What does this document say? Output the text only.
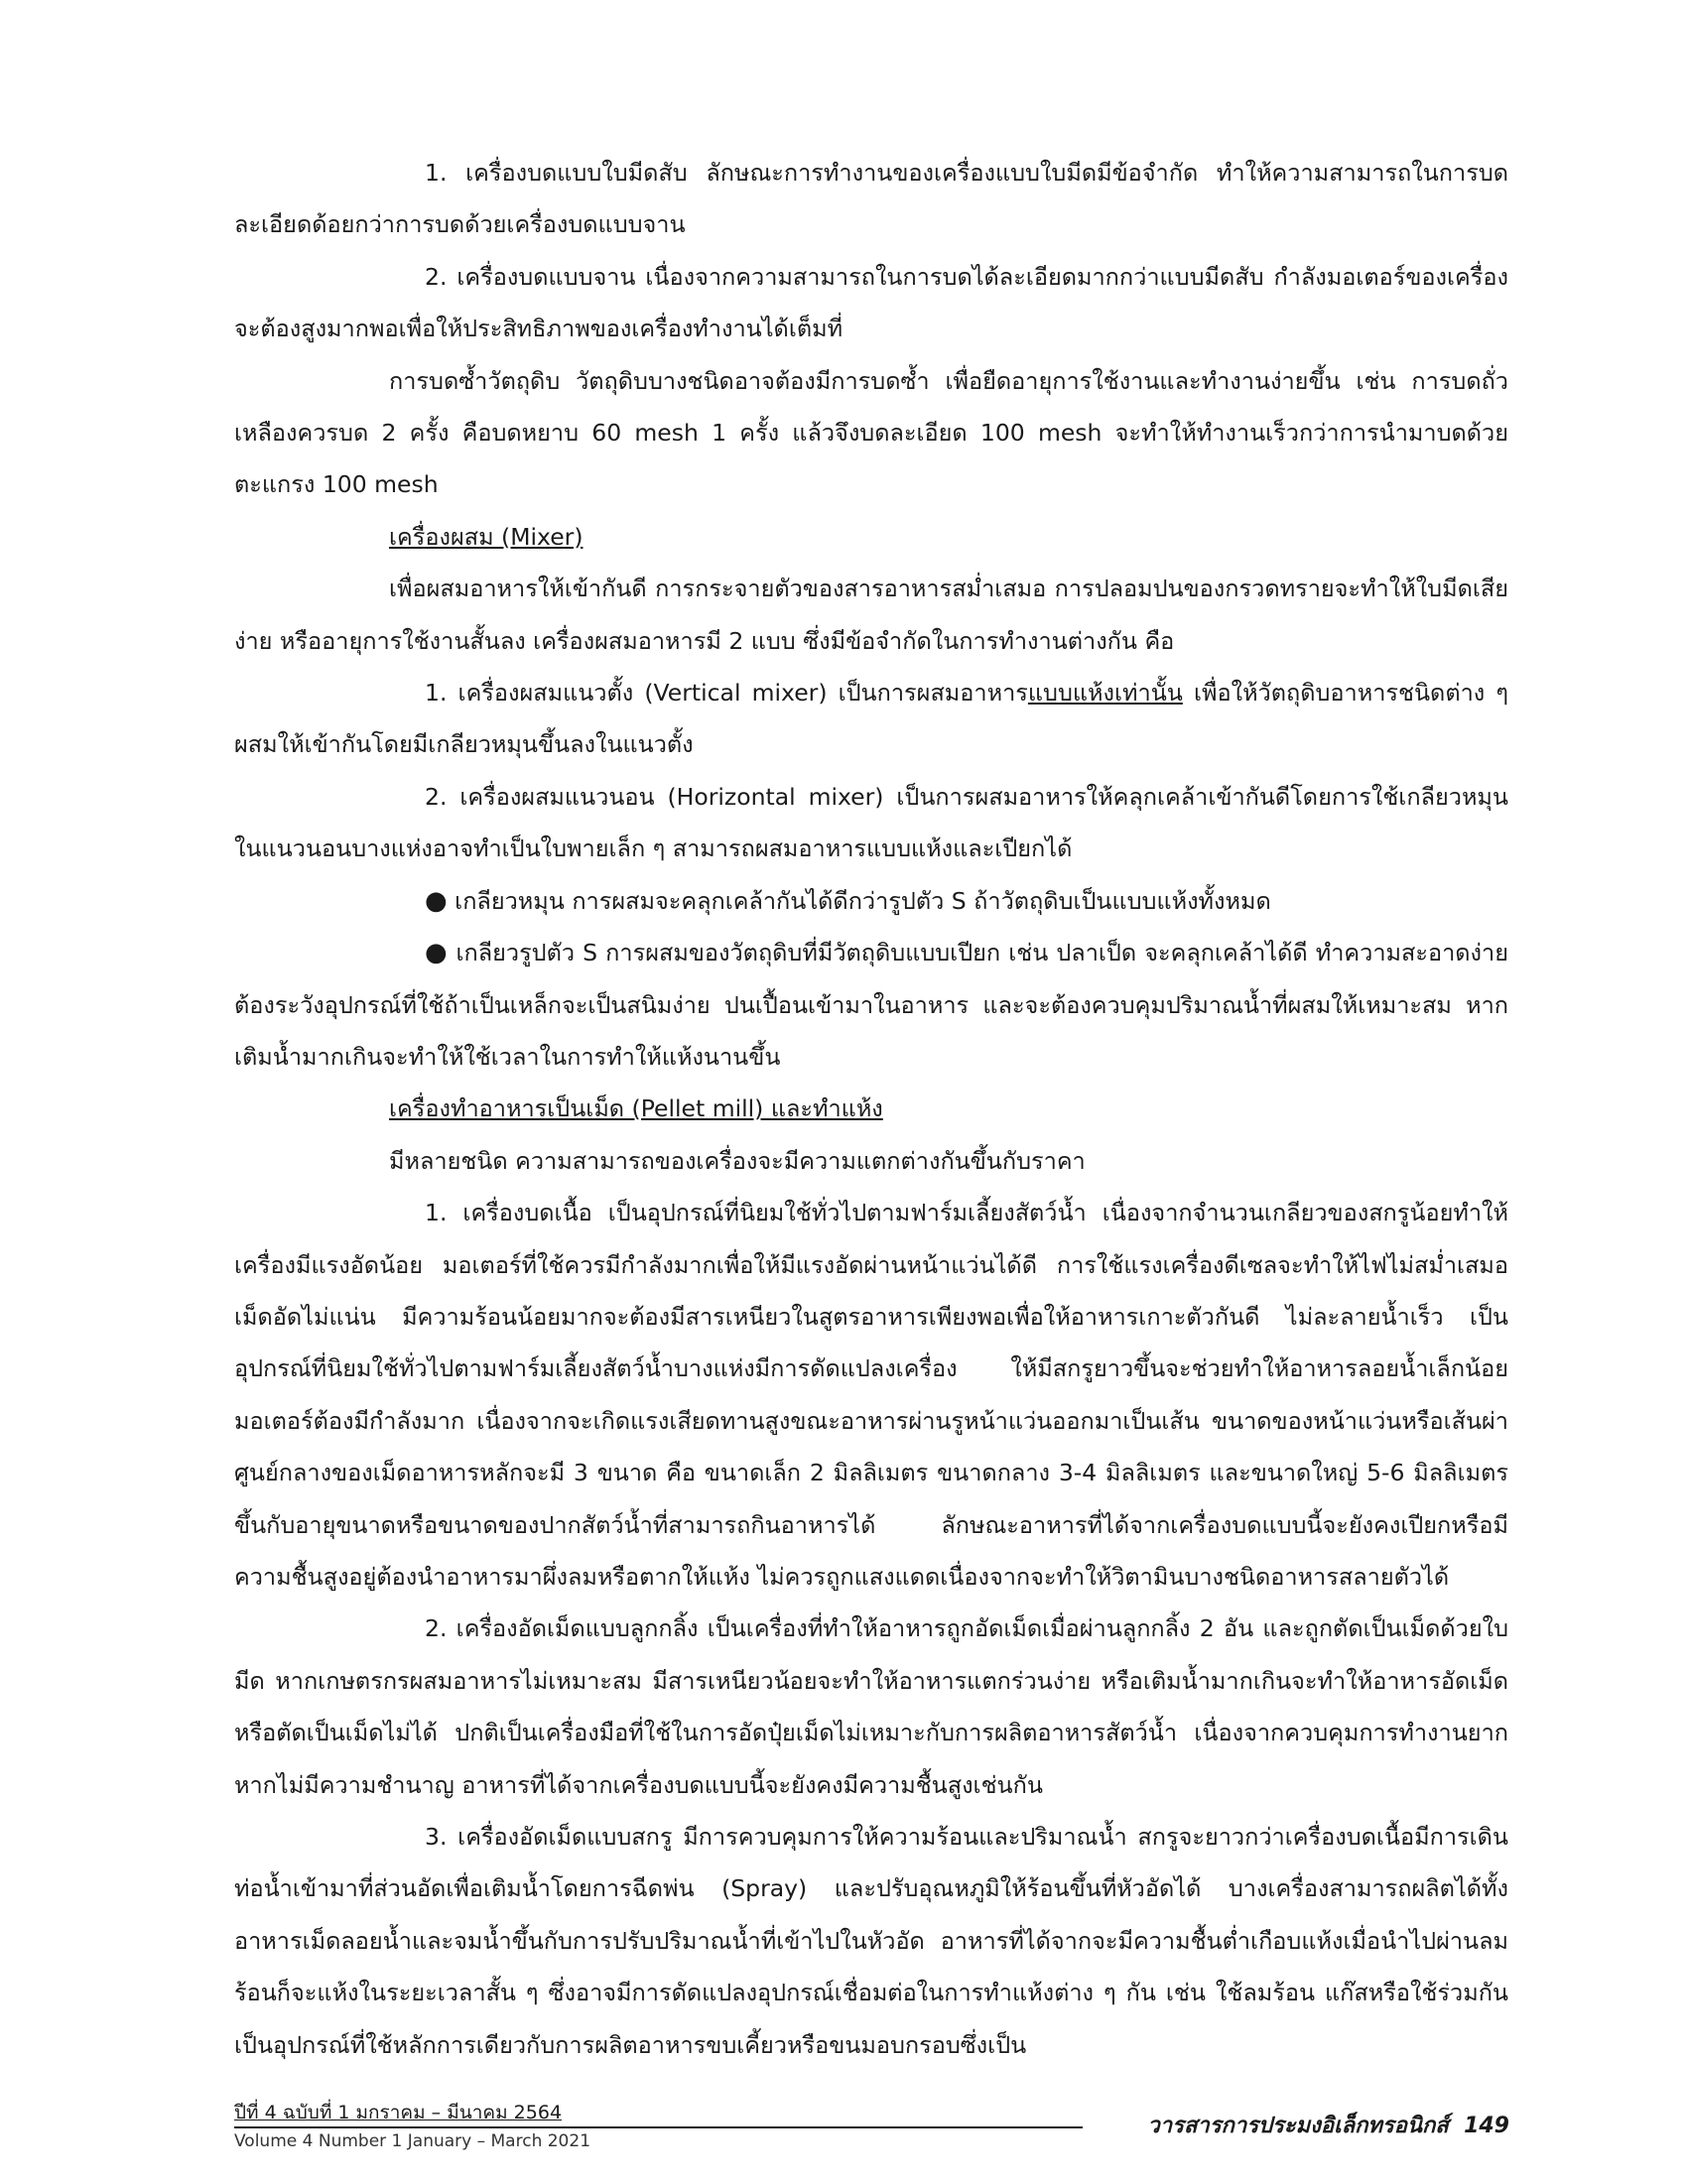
1. เครื่องบดแบบใบมีดสับ ลักษณะการทำงานของเครื่องแบบใบมีดมีข้อจำกัด ทำให้ความสามารถในการบด ละเอียดด้อยกว่าการบดด้วยเครื่องบดแบบจาน

2. เครื่องบดแบบจาน เนื่องจากความสามารถในการบดได้ละเอียดมากกว่าแบบมีดสับ กำลังมอเตอร์ของเครื่องจะต้องสูงมากพอเพื่อให้ประสิทธิภาพของเครื่องทำงานได้เต็มที่

การบดซ้ำวัตถุดิบ วัตถุดิบบางชนิดอาจต้องมีการบดซ้ำ เพื่อยืดอายุการใช้งานและทำงานง่ายขึ้น เช่น การบดถั่วเหลืองควรบด 2 ครั้ง คือบดหยาบ 60 mesh 1 ครั้ง แล้วจึงบดละเอียด 100 mesh จะทำให้ทำงานเร็วกว่าการนำมาบดด้วยตะแกรง 100 mesh

เครื่องผสม (Mixer)

เพื่อผสมอาหารให้เข้ากันดี การกระจายตัวของสารอาหารสม่ำเสมอ การปลอมปนของกรวดทรายจะทำให้ใบมีดเสียง่าย หรืออายุการใช้งานสั้นลง เครื่องผสมอาหารมี 2 แบบ ซึ่งมีข้อจำกัดในการทำงานต่างกัน คือ

1. เครื่องผสมแนวตั้ง (Vertical mixer) เป็นการผสมอาหารแบบแห้งเท่านั้น เพื่อให้วัตถุดิบอาหารชนิดต่าง ๆ ผสมให้เข้ากันโดยมีเกลียวหมุนขึ้นลงในแนวตั้ง

2. เครื่องผสมแนวนอน (Horizontal mixer) เป็นการผสมอาหารให้คลุกเคล้าเข้ากันดีโดยการใช้เกลียวหมุนในแนวนอนบางแห่งอาจทำเป็นใบพายเล็ก ๆ สามารถผสมอาหารแบบแห้งและเปียกได้

● เกลียวหมุน การผสมจะคลุกเคล้ากันได้ดีกว่ารูปตัว S ถ้าวัตถุดิบเป็นแบบแห้งทั้งหมด

● เกลียวรูปตัว S การผสมของวัตถุดิบที่มีวัตถุดิบแบบเปียก เช่น ปลาเป็ด จะคลุกเคล้าได้ดี ทำความสะอาดง่าย ต้องระวังอุปกรณ์ที่ใช้ถ้าเป็นเหล็กจะเป็นสนิมง่าย ปนเปื้อนเข้ามาในอาหาร และจะต้องควบคุมปริมาณน้ำที่ผสมให้เหมาะสม หากเติมน้ำมากเกินจะทำให้ใช้เวลาในการทำให้แห้งนานขึ้น

เครื่องทำอาหารเป็นเม็ด (Pellet mill) และทำแห้ง

มีหลายชนิด ความสามารถของเครื่องจะมีความแตกต่างกันขึ้นกับราคา

1. เครื่องบดเนื้อ เป็นอุปกรณ์ที่นิยมใช้ทั่วไปตามฟาร์มเลี้ยงสัตว์น้ำ เนื่องจากจำนวนเกลียวของสกรูน้อยทำให้เครื่องมีแรงอัดน้อย มอเตอร์ที่ใช้ควรมีกำลังมากเพื่อให้มีแรงอัดผ่านหน้าแว่นได้ดี การใช้แรงเครื่องดีเซลจะทำให้ไฟไม่สม่ำเสมอเม็ดอัดไม่แน่น มีความร้อนน้อยมากจะต้องมีสารเหนียวในสูตรอาหารเพียงพอเพื่อให้อาหารเกาะตัวกันดี ไม่ละลายน้ำเร็ว เป็นอุปกรณ์ที่นิยมใช้ทั่วไปตามฟาร์มเลี้ยงสัตว์น้ำบางแห่งมีการดัดแปลงเครื่อง ให้มีสกรูยาวขึ้นจะช่วยทำให้อาหารลอยน้ำเล็กน้อยมอเตอร์ต้องมีกำลังมาก เนื่องจากจะเกิดแรงเสียดทานสูงขณะอาหารผ่านรูหน้าแว่นออกมาเป็นเส้น ขนาดของหน้าแว่นหรือเส้นผ่าศูนย์กลางของเม็ดอาหารหลักจะมี 3 ขนาด คือ ขนาดเล็ก 2 มิลลิเมตร ขนาดกลาง 3-4 มิลลิเมตร และขนาดใหญ่ 5-6 มิลลิเมตร ขึ้นกับอายุขนาดหรือขนาดของปากสัตว์น้ำที่สามารถกินอาหารได้ ลักษณะอาหารที่ได้จากเครื่องบดแบบนี้จะยังคงเปียกหรือมีความชื้นสูงอยู่ต้องนำอาหารมาผึ่งลมหรือตากให้แห้ง ไม่ควรถูกแสงแดดเนื่องจากจะทำให้วิตามินบางชนิดอาหารสลายตัวได้

2. เครื่องอัดเม็ดแบบลูกกลิ้ง เป็นเครื่องที่ทำให้อาหารถูกอัดเม็ดเมื่อผ่านลูกกลิ้ง 2 อัน และถูกตัดเป็นเม็ดด้วยใบมีด หากเกษตรกรผสมอาหารไม่เหมาะสม มีสารเหนียวน้อยจะทำให้อาหารแตกร่วนง่าย หรือเติมน้ำมากเกินจะทำให้อาหารอัดเม็ดหรือตัดเป็นเม็ดไม่ได้ ปกติเป็นเครื่องมือที่ใช้ในการอัดปุ๋ยเม็ดไม่เหมาะกับการผลิตอาหารสัตว์น้ำ เนื่องจากควบคุมการทำงานยากหากไม่มีความชำนาญ อาหารที่ได้จากเครื่องบดแบบนี้จะยังคงมีความชื้นสูงเช่นกัน

3. เครื่องอัดเม็ดแบบสกรู มีการควบคุมการให้ความร้อนและปริมาณน้ำ สกรูจะยาวกว่าเครื่องบดเนื้อมีการเดินท่อน้ำเข้ามาที่ส่วนอัดเพื่อเติมน้ำโดยการฉีดพ่น (Spray) และปรับอุณหภูมิให้ร้อนขึ้นที่หัวอัดได้ บางเครื่องสามารถผลิตได้ทั้งอาหารเม็ดลอยน้ำและจมน้ำขึ้นกับการปรับปริมาณน้ำที่เข้าไปในหัวอัด อาหารที่ได้จากจะมีความชื้นต่ำเกือบแห้งเมื่อนำไปผ่านลมร้อนก็จะแห้งในระยะเวลาสั้น ๆ ซึ่งอาจมีการดัดแปลงอุปกรณ์เชื่อมต่อในการทำแห้งต่าง ๆ กัน เช่น ใช้ลมร้อน แก๊สหรือใช้ร่วมกัน เป็นอุปกรณ์ที่ใช้หลักการเดียวกับการผลิตอาหารขบเคี้ยวหรือขนมอบกรอบซึ่งเป็น

ปีที่ 4 ฉบับที่ 1 มกราคม – มีนาคม 2564
Volume 4 Number 1 January – March 2021
วารสารการประมงอิเล็กทรอนิกส์ 149
